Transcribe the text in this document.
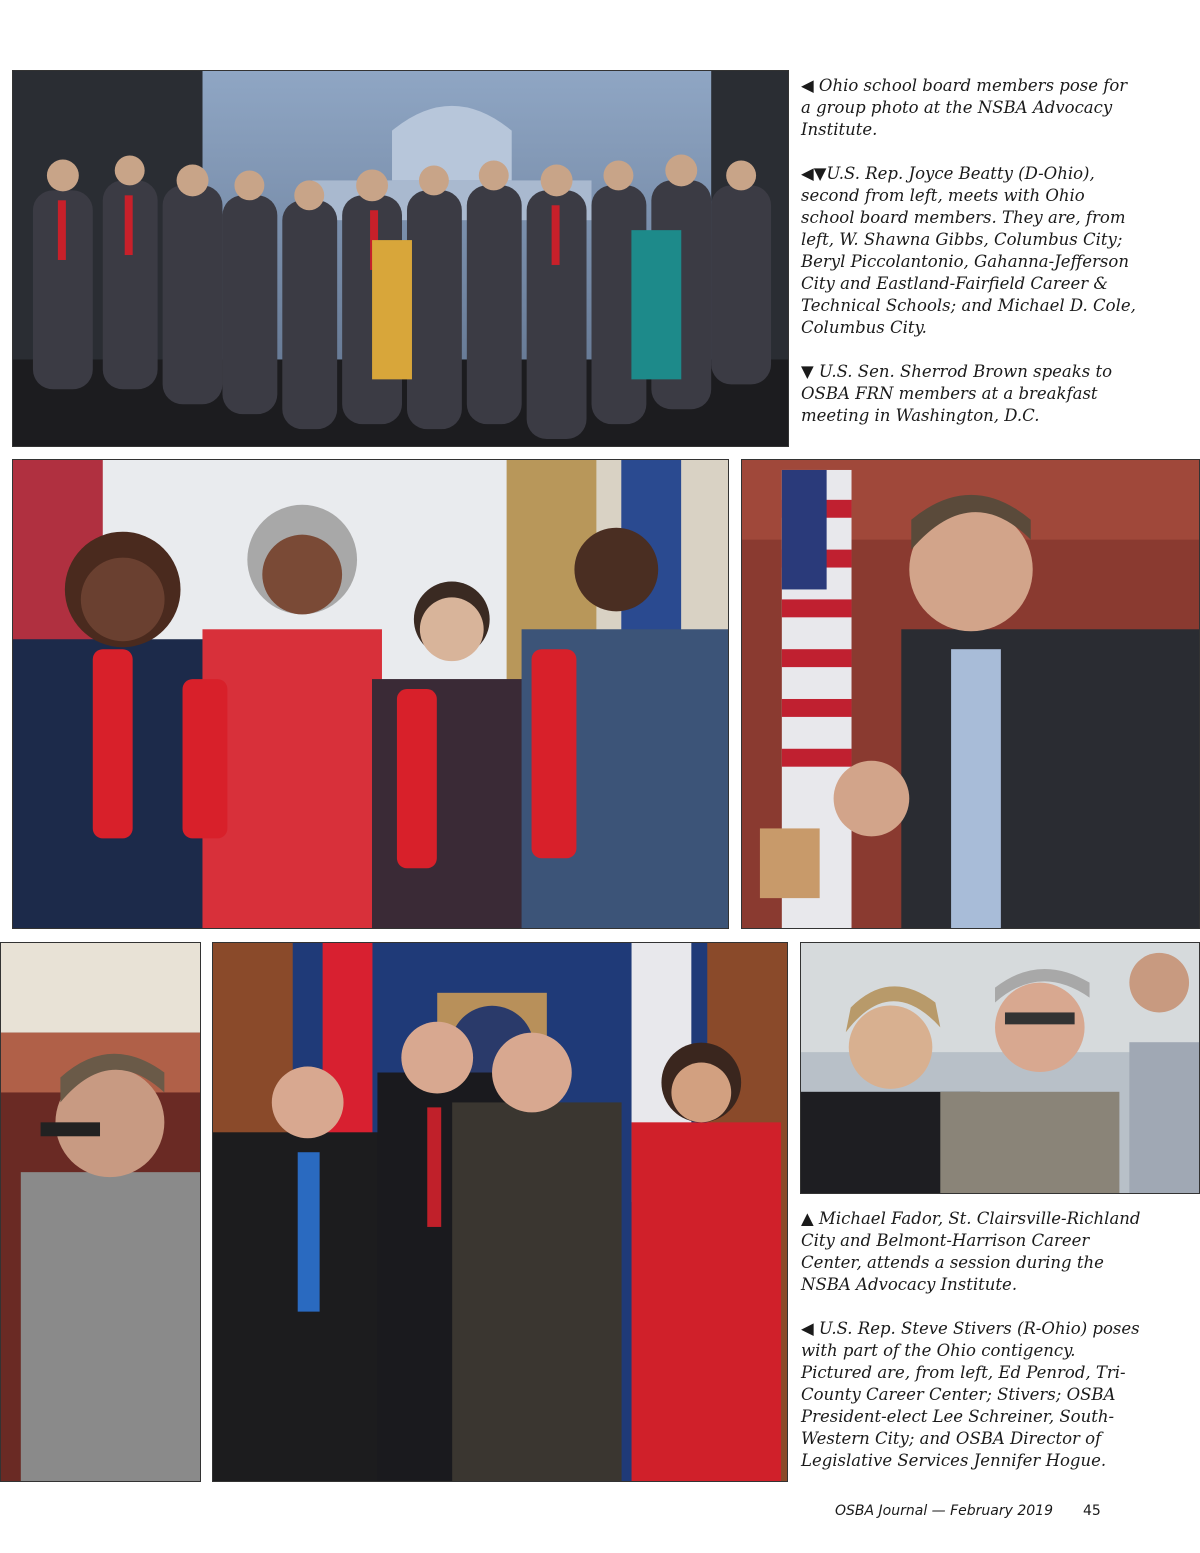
◀ Ohio school board members pose for a group photo at the NSBA Advocacy Institute.

◀▼U.S. Rep. Joyce Beatty (D-Ohio), second from left, meets with Ohio school board members. They are, from left, W. Shawna Gibbs, Columbus City; Beryl Piccolantonio, Gahanna-Jefferson City and Eastland-Fairfield Career & Technical Schools; and Michael D. Cole, Columbus City.

▼ U.S. Sen. Sherrod Brown speaks to OSBA FRN members at a breakfast meeting in Washington, D.C.

▲ Michael Fador, St. Clairsville-Richland City and Belmont-Harrison Career Center, attends a session during the NSBA Advocacy Institute.

◀ U.S. Rep. Steve Stivers (R-Ohio) poses with part of the Ohio contigency. Pictured are, from left, Ed Penrod, Tri-County Career Center; Stivers; OSBA President-elect Lee Schreiner, South-Western City; and OSBA Director of Legislative Services Jennifer Hogue.

OSBA Journal — February 2019 45
